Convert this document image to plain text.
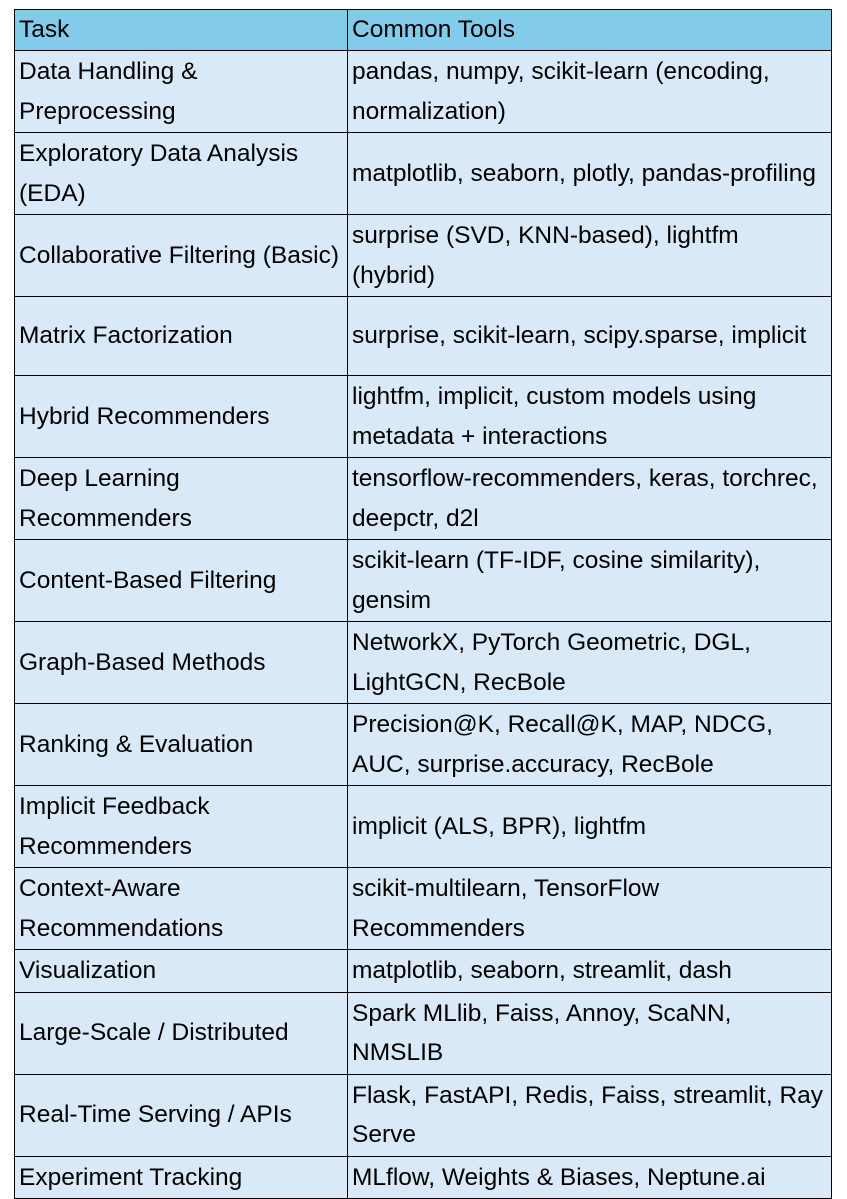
Task	Common Tools

Data Handling & Preprocessing	pandas, numpy, scikit-learn (encoding, normalization)

Exploratory Data Analysis (EDA)	matplotlib, seaborn, plotly, pandas-profiling

Collaborative Filtering (Basic)	surprise (SVD, KNN-based), lightfm (hybrid)

Matrix Factorization	surprise, scikit-learn, scipy.sparse, implicit

Hybrid Recommenders	lightfm, implicit, custom models using metadata + interactions

Deep Learning Recommenders	tensorflow-recommenders, keras, torchrec, deepctr, d2l

Content-Based Filtering	scikit-learn (TF-IDF, cosine similarity), gensim

Graph-Based Methods	NetworkX, PyTorch Geometric, DGL, LightGCN, RecBole

Ranking & Evaluation	Precision@K, Recall@K, MAP, NDCG, AUC, surprise.accuracy, RecBole

Implicit Feedback Recommenders	implicit (ALS, BPR), lightfm

Context-Aware Recommendations	scikit-multilearn, TensorFlow Recommenders

Visualization	matplotlib, seaborn, streamlit, dash

Large-Scale / Distributed	Spark MLlib, Faiss, Annoy, ScaNN, NMSLIB

Real-Time Serving / APIs	Flask, FastAPI, Redis, Faiss, streamlit, Ray Serve

Experiment Tracking	MLflow, Weights & Biases, Neptune.ai
